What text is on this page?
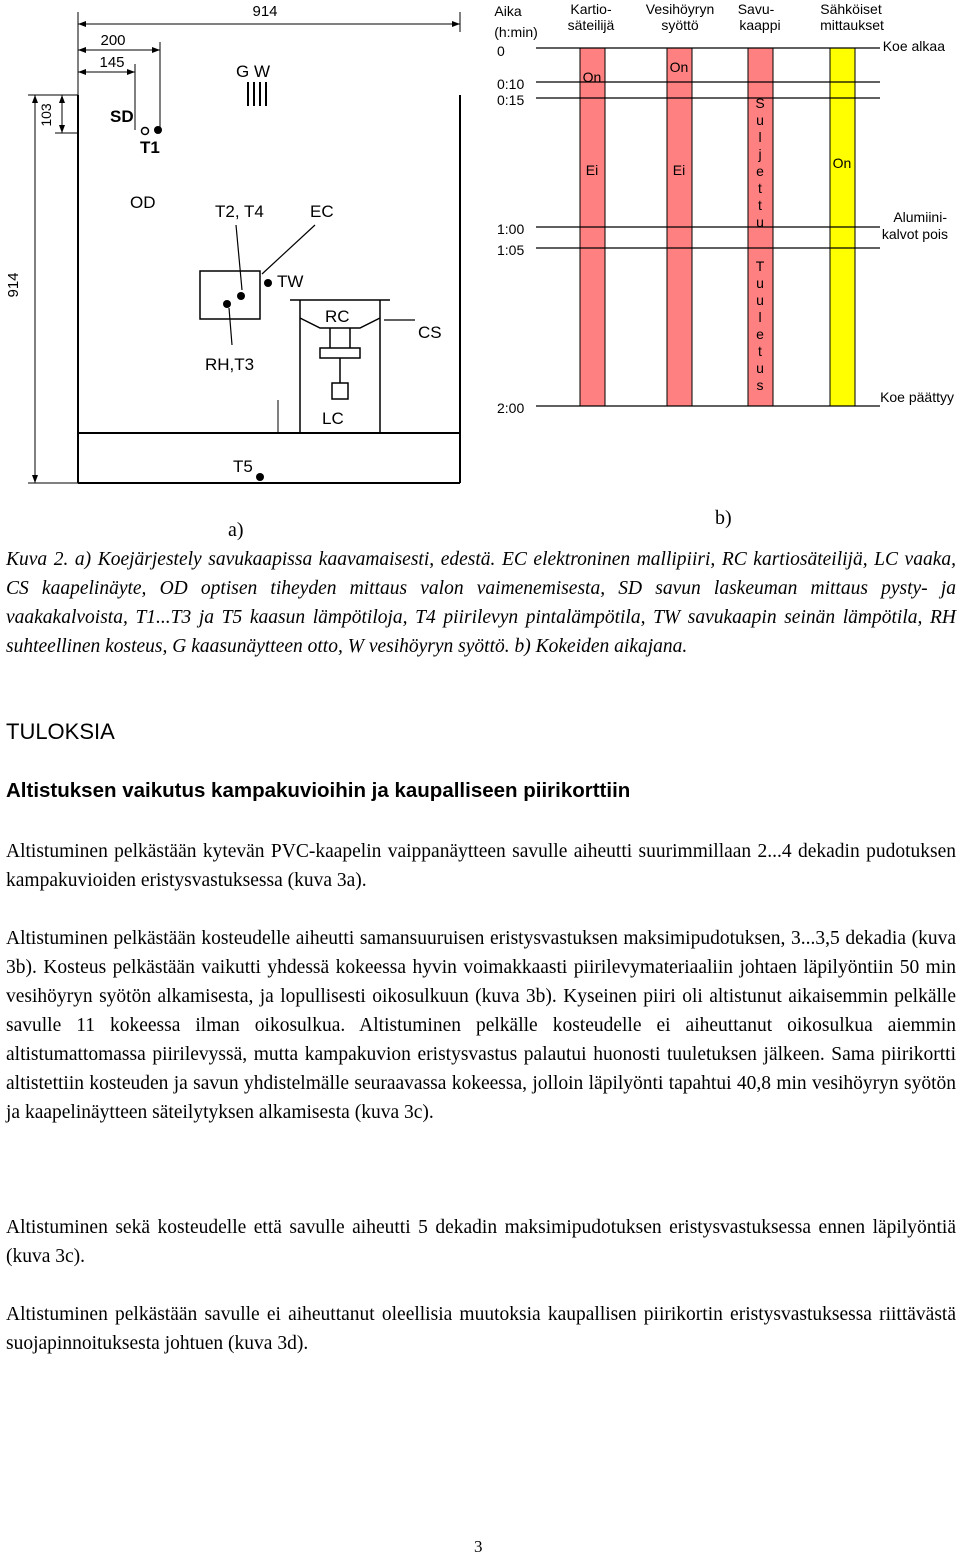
914
200
145
103
914
SD
T1
OD
G W
T2, T4	EC
TW
RC
CS
RH,T3
LC
T5
Aika
(h:min)
Kartio-
säteilijä
Vesihöyryn
syöttö
Savu-
kaappi
Sähköiset
mittaukset
0
0:10
0:15
1:00
1:05
2:00
On
Ei
On
Ei	On
S
u
l
j
e
t
t
u
T
u
u
l
e
t
u
s
Koe alkaa
Alumiini-
kalvot pois
Koe päättyy
b)
a)

Kuva 2. a) Koejärjestely savukaapissa kaavamaisesti, edestä. EC elektroninen mallipiiri, RC kartiosäteilijä, LC vaaka, CS kaapelinäyte, OD optisen tiheyden mittaus valon vaimenemisesta, SD savun laskeuman mittaus pysty- ja vaakakalvoista, T1...T3 ja T5 kaasun lämpötiloja, T4 piirilevyn pintalämpötila, TW savukaapin seinän lämpötila, RH suhteellinen kosteus, G kaasunäytteen otto, W vesihöyryn syöttö. b) Kokeiden aikajana.

TULOKSIA
Altistuksen vaikutus kampakuvioihin ja kaupalliseen piirikorttiin

Altistuminen pelkästään kytevän PVC-kaapelin vaippanäytteen savulle aiheutti suurimmillaan 2...4 dekadin pudotuksen kampakuvioiden eristysvastuksessa (kuva 3a).

Altistuminen pelkästään kosteudelle aiheutti samansuuruisen eristysvastuksen maksimipudotuksen, 3...3,5 dekadia (kuva 3b). Kosteus pelkästään vaikutti yhdessä kokeessa hyvin voimakkaasti piirilevymateriaaliin johtaen läpilyöntiin 50 min vesihöyryn syötön alkamisesta, ja lopullisesti oikosulkuun (kuva 3b). Kyseinen piiri oli altistunut aikaisemmin pelkälle savulle 11 kokeessa ilman oikosulkua. Altistuminen pelkälle kosteudelle ei aiheuttanut oikosulkua aiemmin altistumattomassa piirilevyssä, mutta kampakuvion eristysvastus palautui huonosti tuuletuksen jälkeen. Sama piirikortti altistettiin kosteuden ja savun yhdistelmälle seuraavassa kokeessa, jolloin läpilyönti tapahtui 40,8 min vesihöyryn syötön ja kaapelinäytteen säteilytyksen alkamisesta (kuva 3c).

Altistuminen sekä kosteudelle että savulle aiheutti 5 dekadin maksimipudotuksen eristysvastuksessa ennen läpilyöntiä (kuva 3c).

Altistuminen pelkästään savulle ei aiheuttanut oleellisia muutoksia kaupallisen piirikortin eristysvastuksessa riittävästä suojapinnoituksesta johtuen (kuva 3d).

3
